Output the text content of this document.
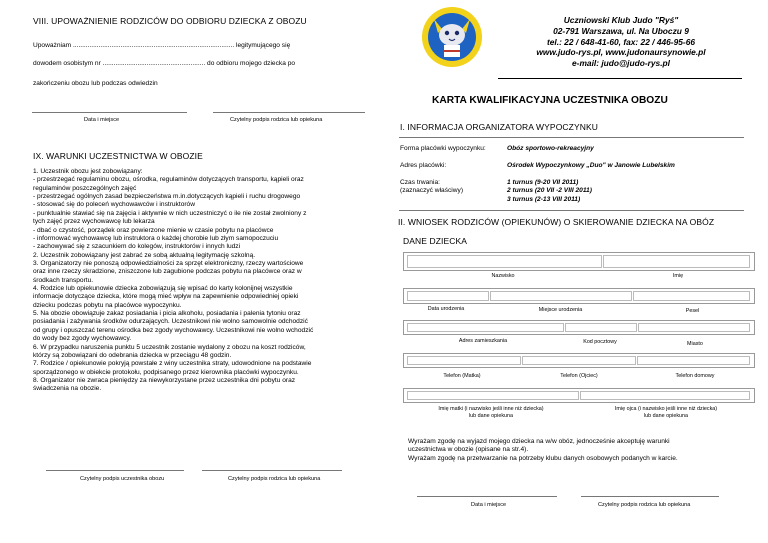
VIII. UPOWAŻNIENIE RODZICÓW DO ODBIORU DZIECKA Z OBOZU
Upoważniam ........................................................................................ legitymującego się
dowodem osobistym nr ........................................................ do odbioru mojego dziecka po
zakończeniu obozu lub podczas odwiedzin
Data i miejsce	Czytelny podpis rodzica lub opiekuna
IX. WARUNKI UCZESTNICTWA W OBOZIE
1. Uczestnik obozu jest zobowiązany:
- przestrzegać regulaminu obozu, ośrodka, regulaminów dotyczących transportu, kąpieli oraz
regulaminów poszczególnych zajęć
- przestrzegać ogólnych zasad bezpieczeństwa m.in.dotyczących kąpieli i ruchu drogowego
- stosować się do poleceń wychowawców i instruktorów
- punktualnie stawiać się na zajęcia i aktywnie w nich uczestniczyć o ile nie został zwolniony z
tych zajęć przez wychowawcę lub lekarza
- dbać o czystość, porządek oraz powierzone mienie w czasie pobytu na placówce
- informować wychowawcę lub instruktora o każdej chorobie lub złym samopoczuciu
- zachowywać się z szacunkiem do kolegów, instruktorów i innych ludzi
2. Uczestnik zobowiązany jest zabrać ze sobą aktualną legitymację szkolną.
3. Organizatorzy nie ponoszą odpowiedzialności za sprzęt elektroniczny, rzeczy wartościowe
oraz inne rzeczy skradzione, zniszczone lub zagubione podczas pobytu na placówce oraz w
środkach transportu.
4. Rodzice lub opiekunowie dziecka zobowiązują się wpisać do karty kolonijnej wszystkie
informacje dotyczące dziecka, które mogą mieć wpływ na zapewnienie odpowiedniej opieki
dziecku podczas pobytu na placówce wypoczynku.
5. Na obozie obowiązuje zakaz posiadania i picia alkoholu, posiadania i palenia tytoniu oraz
posiadania i zażywania środków odurzających. Uczestnikowi nie wolno samowolnie odchodzić
od grupy i opuszczać terenu ośrodka bez zgody wychowawcy. Uczestnikowi nie wolno wchodzić
do wody bez zgody wychowawcy.
6. W przypadku naruszenia punktu 5 uczestnik zostanie wydalony z obozu na koszt rodziców,
którzy są zobowiązani do odebrania dziecka w przeciągu 48 godzin.
7. Rodzice / opiekunowie pokryją powstałe z winy uczestnika straty, udowodnione na podstawie
sporządzonego w obiekcie protokołu, podpisanego przez kierownika placówki wypoczynku.
8. Organizator nie zwraca pieniędzy za niewykorzystane przez uczestnika dni pobytu oraz
świadczenia na obozie.
Czytelny podpis uczestnika obozu	Czytelny podpis rodzica lub opiekuna
Uczniowski Klub Judo "Ryś"
02-791 Warszawa, ul. Na Uboczu 9
tel.: 22 / 648-41-60, fax: 22 / 446-95-66
www.judo-rys.pl, www.judonaursynowie.pl
e-mail: judo@judo-rys.pl
KARTA KWALIFIKACYJNA UCZESTNIKA OBOZU
I. INFORMACJA ORGANIZATORA WYPOCZYNKU
Forma placówki wypoczynku:	Obóz sportowo-rekreacyjny
Adres placówki:	Ośrodek Wypoczynkowy „Duo" w Janowie Lubelskim
Czas trwania:
(zaznaczyć właściwy)
1 turnus (9-20 VII 2011)
2 turnus (20 VII -2 VIII 2011)
3 turnus (2-13 VIII 2011)
II. WNIOSEK RODZICÓW (OPIEKUNÓW) O SKIEROWANIE DZIECKA NA OBÓZ
DANE DZIECKA
Nazwisko	Imię
Data urodzenia	Miejsce urodzenia	Pesel
Adres zamieszkania	Kod pocztowy	Miasto
Telefon (Matka)	Telefon (Ojciec)	Telefon domowy
Imię matki (i nazwisko jeśli inne niż dziecka)
lub dane opiekuna
Imię ojca (i nazwisko jeśli inne niż dziecka)
lub dane opiekuna
Wyrażam zgodę na wyjazd mojego dziecka na w/w obóz, jednocześnie akceptuję warunki
uczestnictwa w obozie (opisane na str.4).
Wyrażam zgodę na przetwarzanie na potrzeby klubu danych osobowych podanych w karcie.
Data i miejsce	Czytelny podpis rodzica lub opiekuna
